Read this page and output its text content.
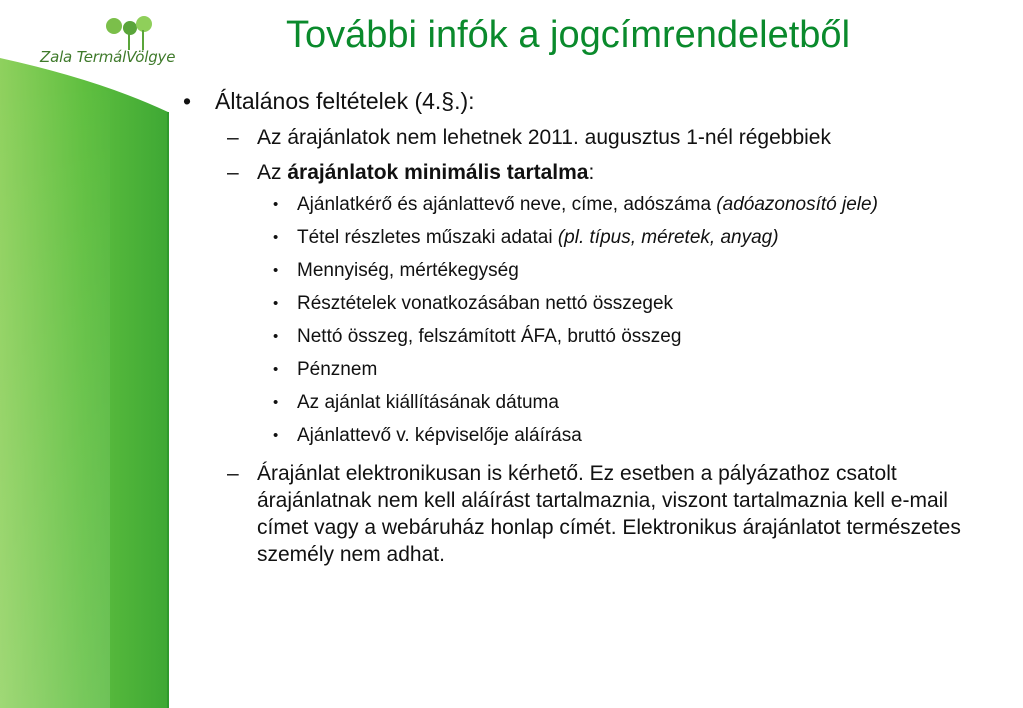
Zala TermálVölgye
További infók a jogcímrendeletből
• Általános feltételek (4.§.):
– Az árajánlatok nem lehetnek 2011. augusztus 1-nél régebbiek
– Az árajánlatok minimális tartalma:
• Ajánlatkérő és ajánlattevő neve, címe, adószáma (adóazonosító jele)
• Tétel részletes műszaki adatai (pl. típus, méretek, anyag)
• Mennyiség, mértékegység
• Résztételek vonatkozásában nettó összegek
• Nettó összeg, felszámított ÁFA, bruttó összeg
• Pénznem
• Az ajánlat kiállításának dátuma
• Ajánlattevő v. képviselője aláírása
– Árajánlat elektronikusan is kérhető. Ez esetben a pályázathoz csatolt árajánlatnak nem kell aláírást tartalmaznia, viszont tartalmaznia kell e-mail címet vagy a webáruház honlap címét. Elektronikus árajánlatot természetes személy nem adhat.
